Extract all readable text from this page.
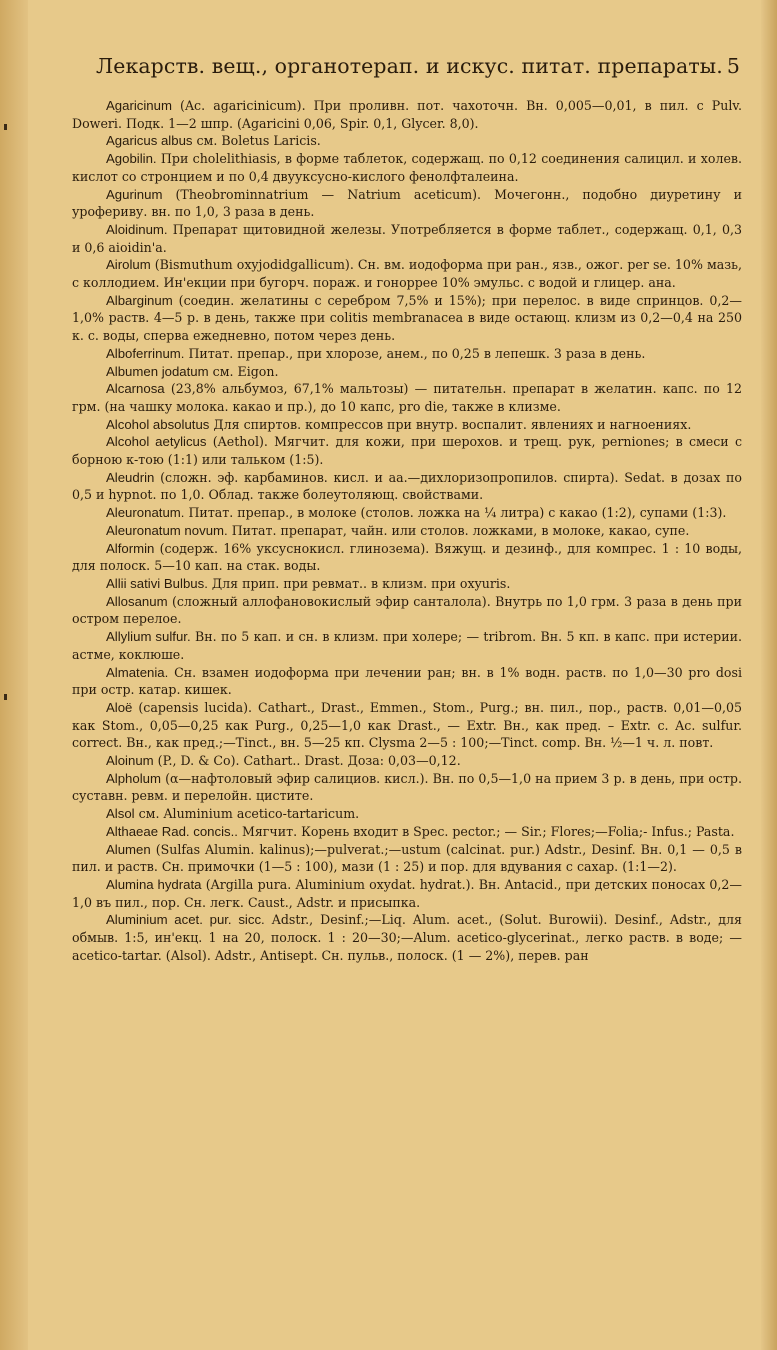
Лекарств. вещ., органотерап. и искус. питат. препараты. 5

Agaricinum (Ac. agaricinicum). При проливн. пот. чахоточн. Вн. 0,005—0,01, в пил. с Pulv. Doweri. Подк. 1—2 шпр. (Agaricini 0,06, Spir. 0,1, Glycer. 8,0).

Agaricus albus см. Boletus Laricis.

Agobilin. При cholelithiasis, в форме таблеток, содержащ. по 0,12 соединения салицил. и холев. кислот со стронцием и по 0,4 двууксусно-кислого фенолфталеина.

Agurinum (Theobrominnatrium — Natrium aceticum). Мочегонн., подобно диуретину и урофериву. вн. по 1,0, 3 раза в день.

Aloidinum. Препарат щитовидной железы. Употребляется в форме таблет., содержащ. 0,1, 0,3 и 0,6 aioidin'a.

Airolum (Bismuthum oxyjodidgallicum). Сн. вм. иодоформа при ран., язв., ожог. per se. 10% мазь, с коллодием. Ин'екции при бугорч. пораж. и гонорpee 10% эмульс. с водой и глицер. ана.

Albarginum (соедин. желатины с серебром 7,5% и 15%); при перелос. в виде спринцов. 0,2—1,0% раств. 4—5 р. в день, также при colitis membranacea в виде остающ. клизм из 0,2—0,4 на 250 к. с. воды, сперва ежедневно, потом через день.

Alboferrinum. Питат. препар., при хлорозе, анем., по 0,25 в лепешк. 3 раза в день.

Albumen jodatum см. Eigon.

Alcarnosa (23,8% альбумоз, 67,1% мальтозы) — питательн. препарат в желатин. капс. по 12 грм. (на чашку молока. какао и пр.), до 10 капс, pro die, также в клизме.

Alcohol absolutus Для спиртов. компрессов при внутр. воспалит. явлениях и нагноениях.

Alcohol aetylicus (Aethol). Мягчит. для кожи, при шерохов. и трещ. рук, perniones; в смеси с борною к-тою (1:1) или тальком (1:5).

Aleudrin (сложн. эф. карбаминов. кисл. и аа.—дихлоризопропилов. спирта). Sedat. в дозах по 0,5 и hypnot. по 1,0. Облад. также болеутоляющ. свойствами.

Aleuronatum. Питат. препар., в молоке (столов. ложка на ¼ литра) с какао (1:2), супами (1:3).

Aleuronatum novum. Питат. препарат, чайн. или столов. ложками, в молоке, какао, супе.

Alformin (содерж. 16% уксуснокисл. глинозема). Вяжущ. и дезинф., для компрес. 1 : 10 воды, для полоск. 5—10 кап. на стак. воды.

Allii sativi Bulbus. Для прип. при ревмат.. в клизм. при oxyuris.

Allosanum (сложный аллофановокислый эфир санталола). Внутрь по 1,0 грм. 3 раза в день при остром перелое.

Allylium sulfur. Вн. по 5 кап. и сн. в клизм. при холере; — tribrom. Вн. 5 кп. в капс. при истерии. астме, коклюше.

Almatenia. Сн. взамен иодоформа при лечении ран; вн. в 1% водн. раств. по 1,0—30 pro dosi при остр. катар. кишек.

Aloë (capensis lucida). Cathart., Drast., Emmen., Stom., Purg.; вн. пил., пор., раств. 0,01—0,05 как Stom., 0,05—0,25 как Purg., 0,25—1,0 как Drast., — Extr. Вн., как пред. – Extr. c. Ac. sulfur. correct. Вн., как пред.;—Tinct., вн. 5—25 кп. Clysma 2—5 : 100;—Tinct. comp. Вн. ½—1 ч. л. повт.

Aloinum (P., D. & Co). Cathart.. Drast. Доза: 0,03—0,12.

Alpholum (α—нафтоловый эфир салициов. кисл.). Вн. по 0,5—1,0 на прием 3 р. в день, при остр. суставн. ревм. и перелойн. циститe.

Alsol см. Aluminium acetico-tartaricum.

Althaeae Rad. concis.. Мягчит. Корень входит в Spec. pector.; — Sir.; Flores;—Folia;- Infus.; Pasta.

Alumen (Sulfas Alumin. kalinus);—pulverat.;—ustum (calcinat. pur.) Adstr., Desinf. Вн. 0,1 — 0,5 в пил. и раств. Сн. примочки (1—5 : 100), мази (1 : 25) и пор. для вдувания с сахар. (1:1—2).

Alumina hydrata (Argilla pura. Aluminium oxydat. hydrat.). Вн. Antacid., при детских поносах 0,2—1,0 въ пил., пор. Сн. легк. Caust., Adstr. и присыпка.

Aluminium acet. pur. sicc. Adstr., Desinf.;—Liq. Alum. acet., (Solut. Burowii). Desinf., Adstr., для обмыв. 1:5, ин'екц. 1 на 20, полоск. 1 : 20—30;—Alum. acetico-glycerinat., легко раств. в воде; — acetico-tartar. (Alsol). Adstr., Antisept. Сн. пульв., полоск. (1 — 2%), перев. ран
